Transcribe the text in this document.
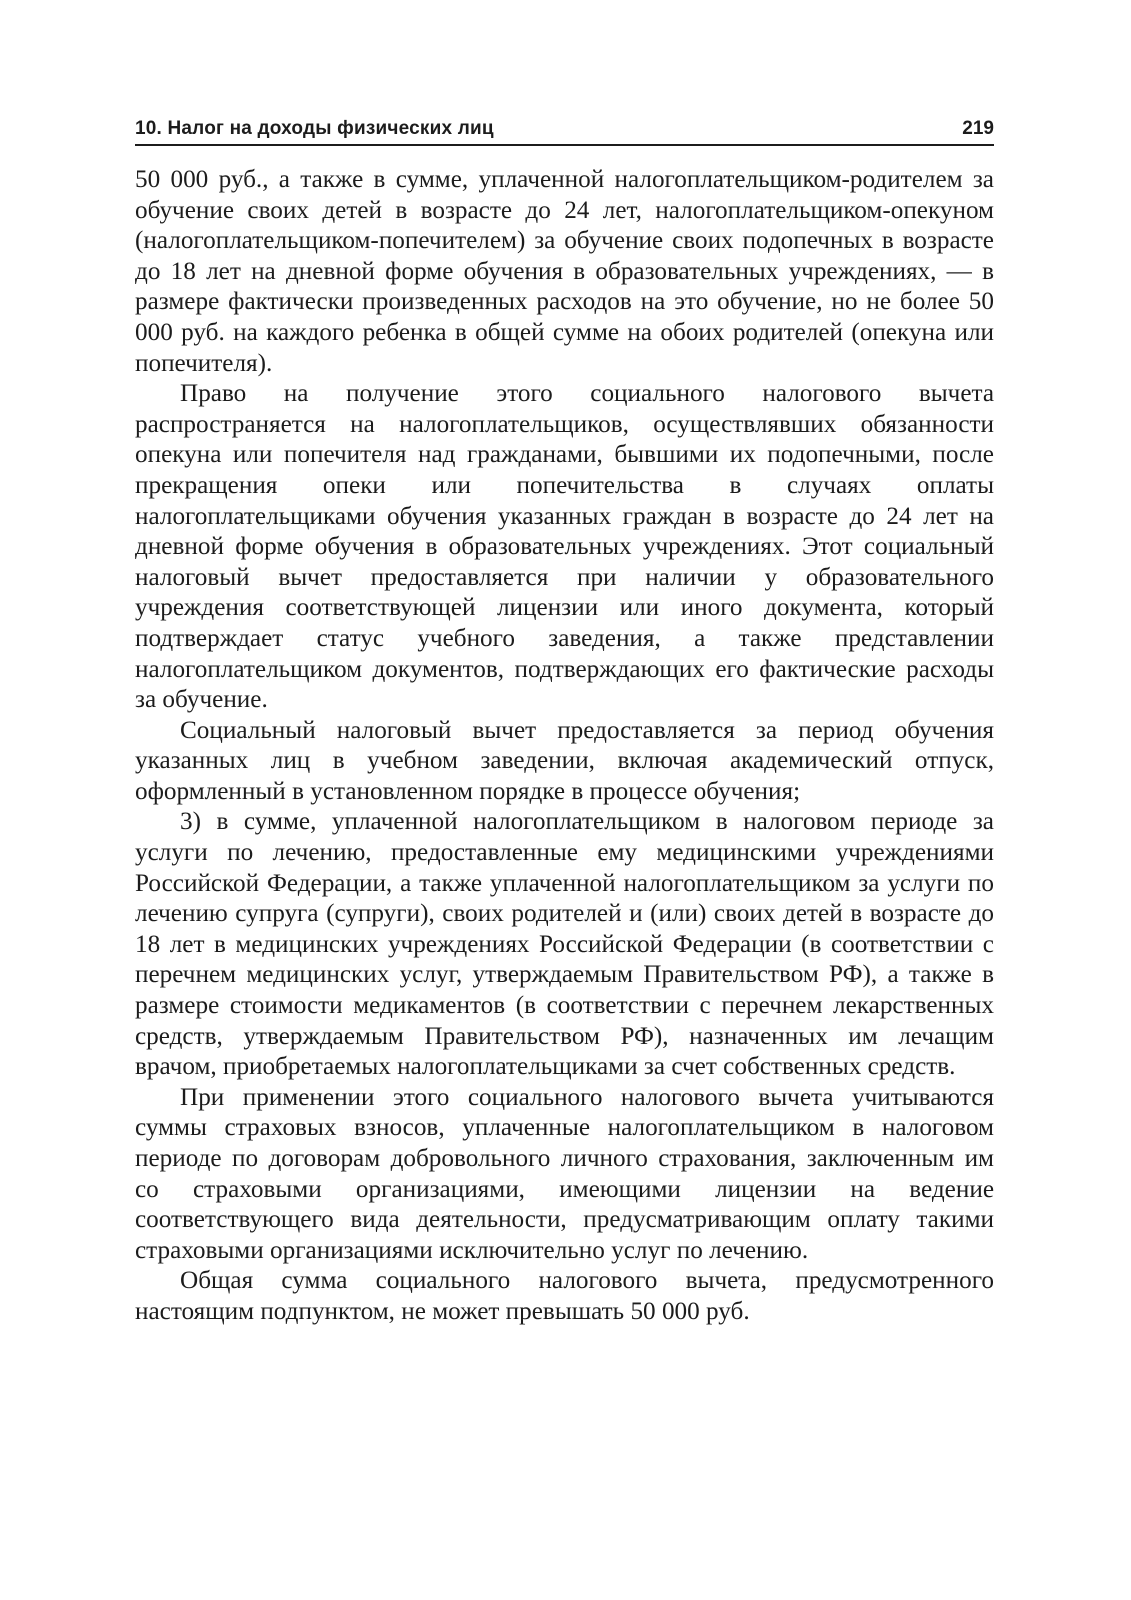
10. Налог на доходы физических лиц	219

50 000 руб., а также в сумме, уплаченной налогоплательщиком-родителем за обучение своих детей в возрасте до 24 лет, налогоплательщиком-опекуном (налогоплательщиком-попечителем) за обучение своих подопечных в возрасте до 18 лет на дневной форме обучения в образовательных учреждениях, — в размере фактически произведенных расходов на это обучение, но не более 50 000 руб. на каждого ребенка в общей сумме на обоих родителей (опекуна или попечителя).

Право на получение этого социального налогового вычета распространяется на налогоплательщиков, осуществлявших обязанности опекуна или попечителя над гражданами, бывшими их подопечными, после прекращения опеки или попечительства в случаях оплаты налогоплательщиками обучения указанных граждан в возрасте до 24 лет на дневной форме обучения в образовательных учреждениях. Этот социальный налоговый вычет предоставляется при наличии у образовательного учреждения соответствующей лицензии или иного документа, который подтверждает статус учебного заведения, а также представлении налогоплательщиком документов, подтверждающих его фактические расходы за обучение.

Социальный налоговый вычет предоставляется за период обучения указанных лиц в учебном заведении, включая академический отпуск, оформленный в установленном порядке в процессе обучения;

3) в сумме, уплаченной налогоплательщиком в налоговом периоде за услуги по лечению, предоставленные ему медицинскими учреждениями Российской Федерации, а также уплаченной налогоплательщиком за услуги по лечению супруга (супруги), своих родителей и (или) своих детей в возрасте до 18 лет в медицинских учреждениях Российской Федерации (в соответствии с перечнем медицинских услуг, утверждаемым Правительством РФ), а также в размере стоимости медикаментов (в соответствии с перечнем лекарственных средств, утверждаемым Правительством РФ), назначенных им лечащим врачом, приобретаемых налогоплательщиками за счет собственных средств.

При применении этого социального налогового вычета учитываются суммы страховых взносов, уплаченные налогоплательщиком в налоговом периоде по договорам добровольного личного страхования, заключенным им со страховыми организациями, имеющими лицензии на ведение соответствующего вида деятельности, предусматривающим оплату такими страховыми организациями исключительно услуг по лечению.

Общая сумма социального налогового вычета, предусмотренного настоящим подпунктом, не может превышать 50 000 руб.
